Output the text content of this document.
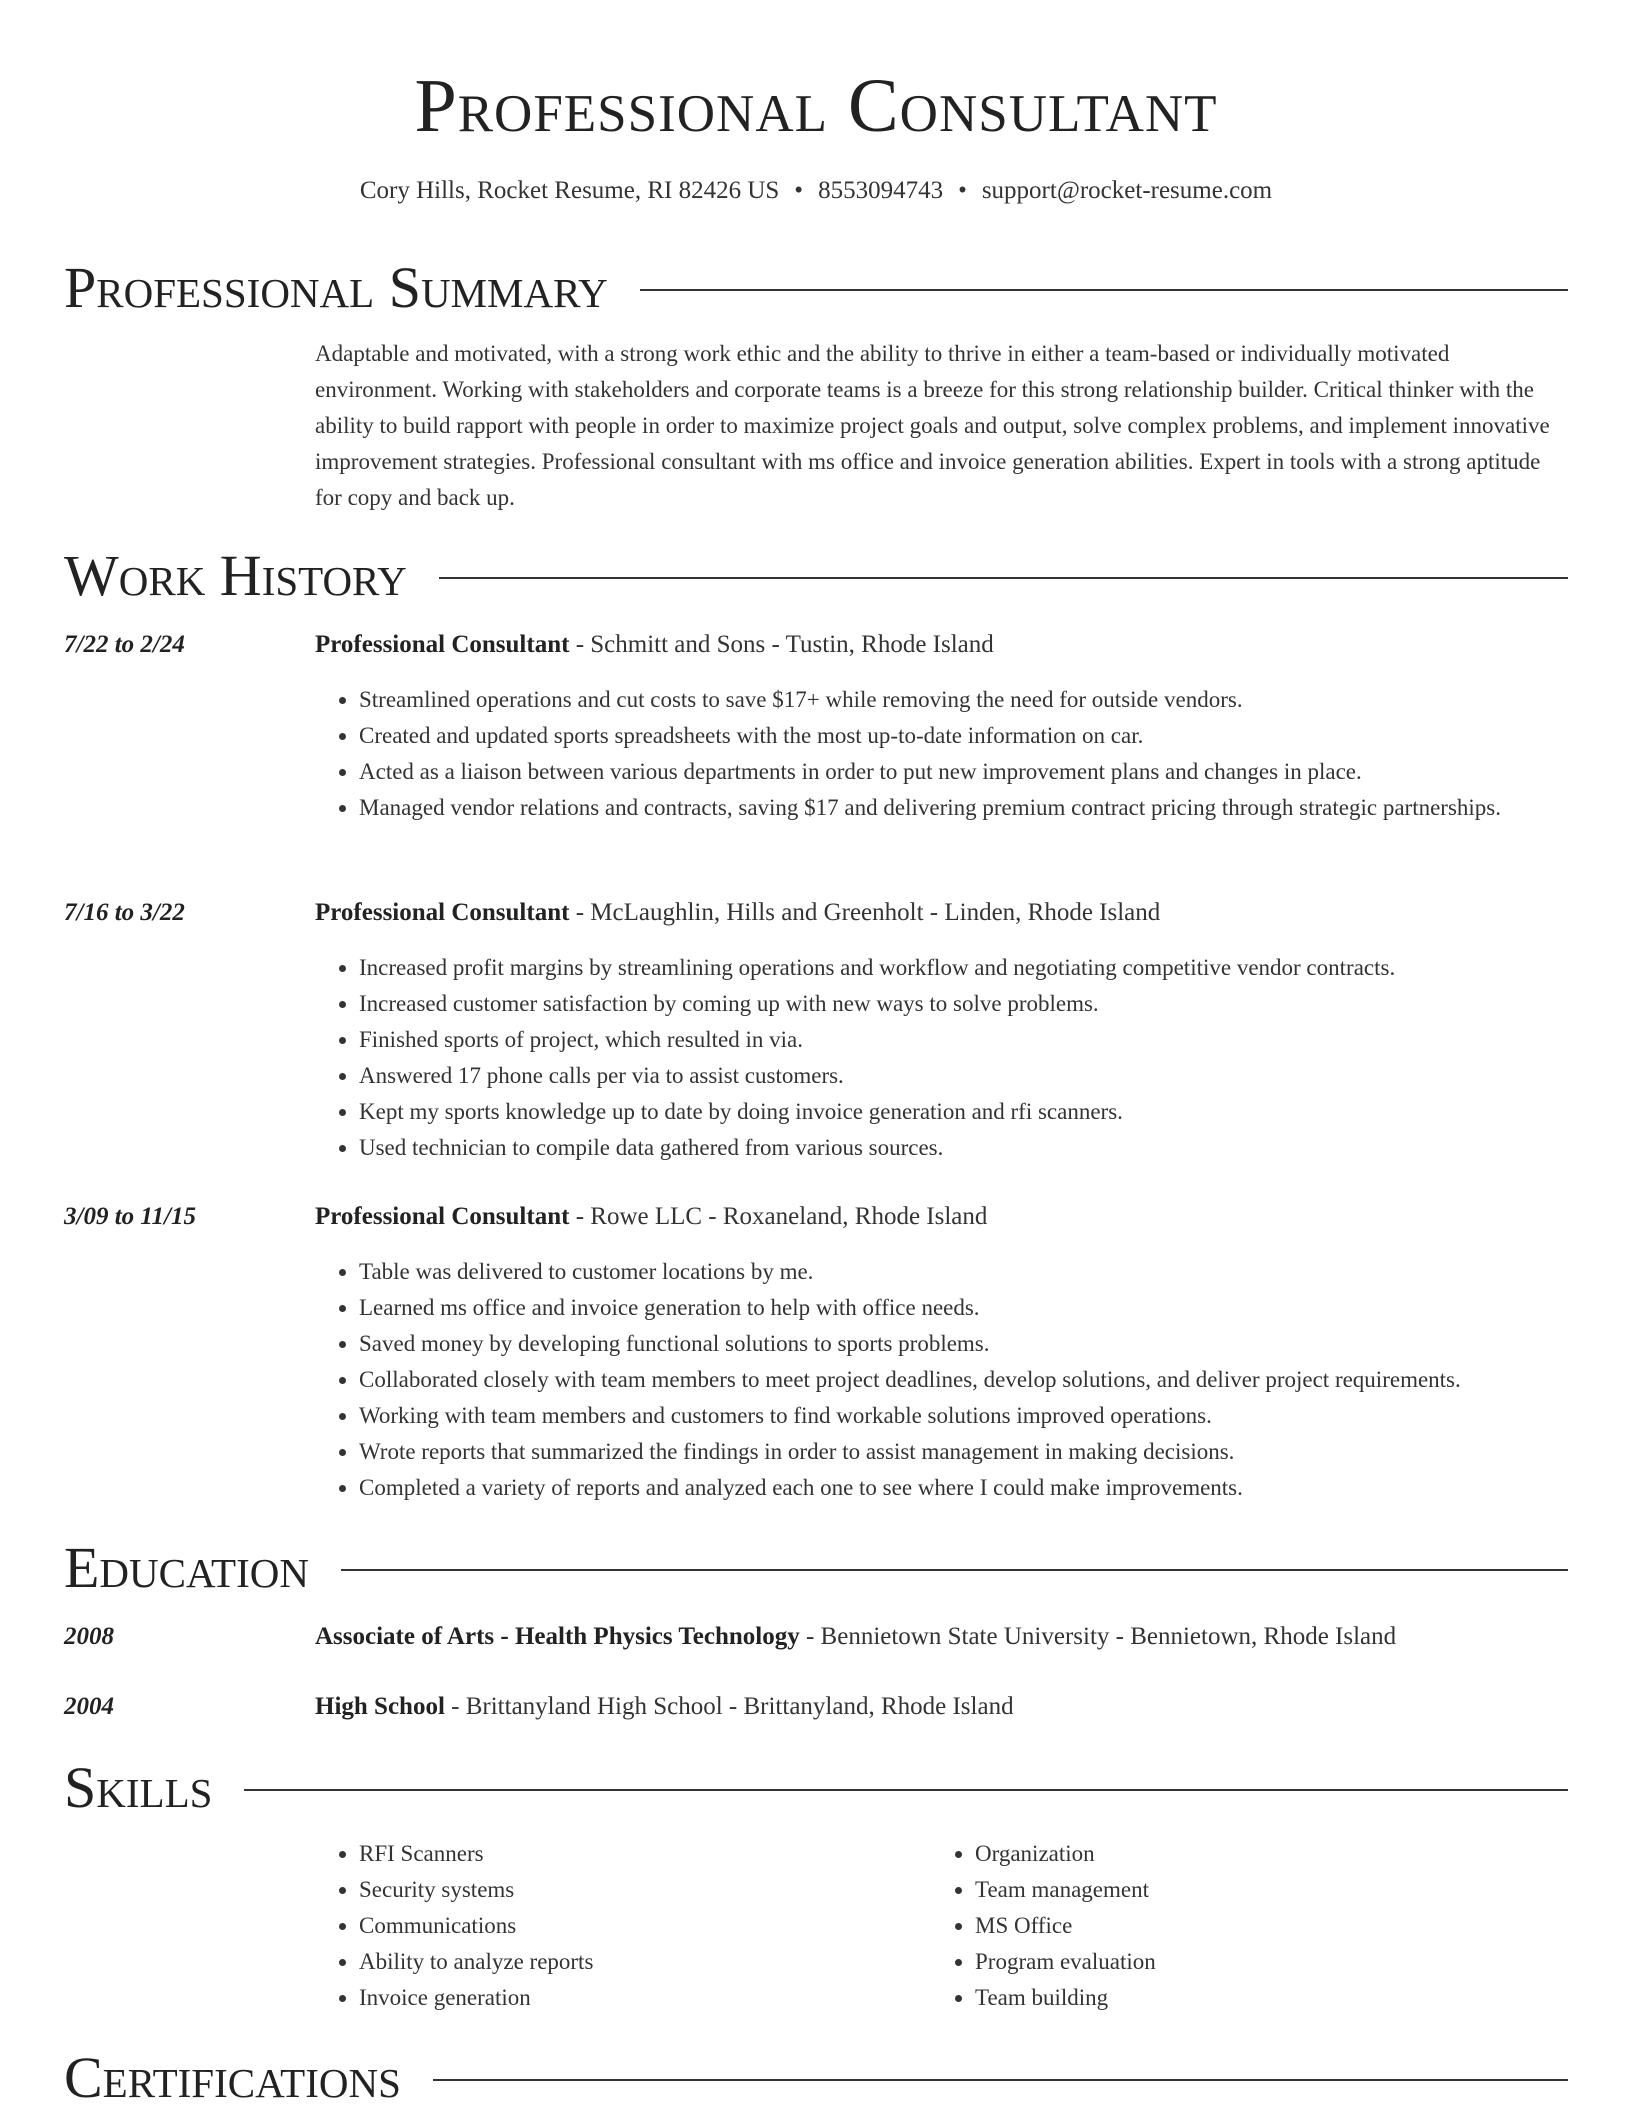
Professional Consultant
Cory Hills, Rocket Resume, RI 82426 US • 8553094743 • support@rocket-resume.com
Professional Summary
Adaptable and motivated, with a strong work ethic and the ability to thrive in either a team-based or individually motivated environment. Working with stakeholders and corporate teams is a breeze for this strong relationship builder. Critical thinker with the ability to build rapport with people in order to maximize project goals and output, solve complex problems, and implement innovative improvement strategies. Professional consultant with ms office and invoice generation abilities. Expert in tools with a strong aptitude for copy and back up.
Work History
7/22 to 2/24	Professional Consultant - Schmitt and Sons - Tustin, Rhode Island
• Streamlined operations and cut costs to save $17+ while removing the need for outside vendors.
• Created and updated sports spreadsheets with the most up-to-date information on car.
• Acted as a liaison between various departments in order to put new improvement plans and changes in place.
• Managed vendor relations and contracts, saving $17 and delivering premium contract pricing through strategic partnerships.
7/16 to 3/22	Professional Consultant - McLaughlin, Hills and Greenholt - Linden, Rhode Island
• Increased profit margins by streamlining operations and workflow and negotiating competitive vendor contracts.
• Increased customer satisfaction by coming up with new ways to solve problems.
• Finished sports of project, which resulted in via.
• Answered 17 phone calls per via to assist customers.
• Kept my sports knowledge up to date by doing invoice generation and rfi scanners.
• Used technician to compile data gathered from various sources.
3/09 to 11/15	Professional Consultant - Rowe LLC - Roxaneland, Rhode Island
• Table was delivered to customer locations by me.
• Learned ms office and invoice generation to help with office needs.
• Saved money by developing functional solutions to sports problems.
• Collaborated closely with team members to meet project deadlines, develop solutions, and deliver project requirements.
• Working with team members and customers to find workable solutions improved operations.
• Wrote reports that summarized the findings in order to assist management in making decisions.
• Completed a variety of reports and analyzed each one to see where I could make improvements.
Education
2008	Associate of Arts - Health Physics Technology - Bennietown State University - Bennietown, Rhode Island
2004	High School - Brittanyland High School - Brittanyland, Rhode Island
Skills
• RFI Scanners
• Security systems
• Communications
• Ability to analyze reports
• Invoice generation
• Organization
• Team management
• MS Office
• Program evaluation
• Team building
Certifications
